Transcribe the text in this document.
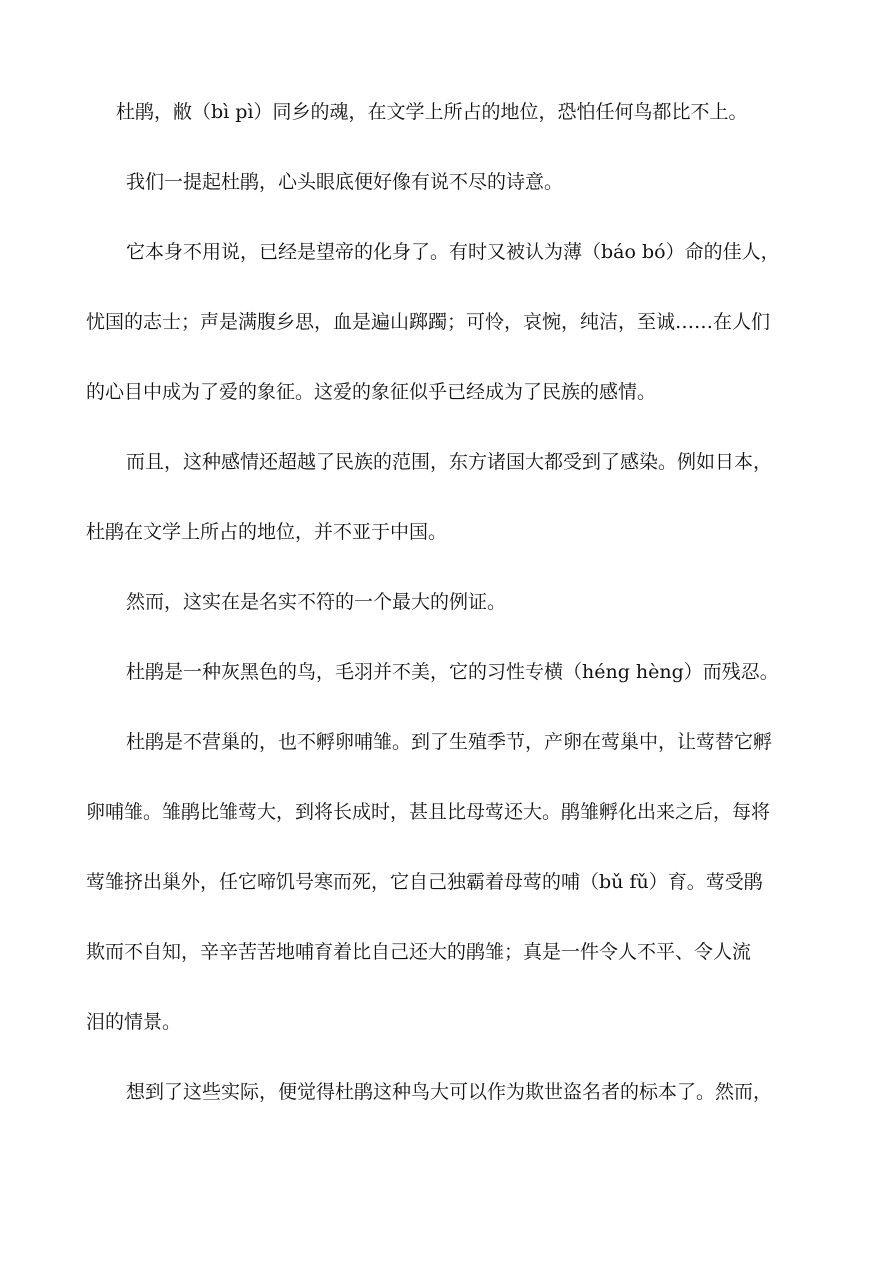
杜鹃，敝（bì pì）同乡的魂，在文学上所占的地位，恐怕任何鸟都比不上。
我们一提起杜鹃，心头眼底便好像有说不尽的诗意。
它本身不用说，已经是望帝的化身了。有时又被认为薄（báo bó）命的佳人，
忧国的志士；声是满腹乡思，血是遍山踯躅；可怜，哀惋，纯洁，至诚……在人们
的心目中成为了爱的象征。这爱的象征似乎已经成为了民族的感情。
而且，这种感情还超越了民族的范围，东方诸国大都受到了感染。例如日本，
杜鹃在文学上所占的地位，并不亚于中国。
然而，这实在是名实不符的一个最大的例证。
杜鹃是一种灰黑色的鸟，毛羽并不美，它的习性专横（héng hèng）而残忍。
杜鹃是不营巢的，也不孵卵哺雏。到了生殖季节，产卵在莺巢中，让莺替它孵
卵哺雏。雏鹃比雏莺大，到将长成时，甚且比母莺还大。鹃雏孵化出来之后，每将
莺雏挤出巢外，任它啼饥号寒而死，它自己独霸着母莺的哺（bǔ fǔ）育。莺受鹃
欺而不自知，辛辛苦苦地哺育着比自己还大的鹃雏；真是一件令人不平、令人流
泪的情景。
想到了这些实际，便觉得杜鹃这种鸟大可以作为欺世盗名者的标本了。然而，
